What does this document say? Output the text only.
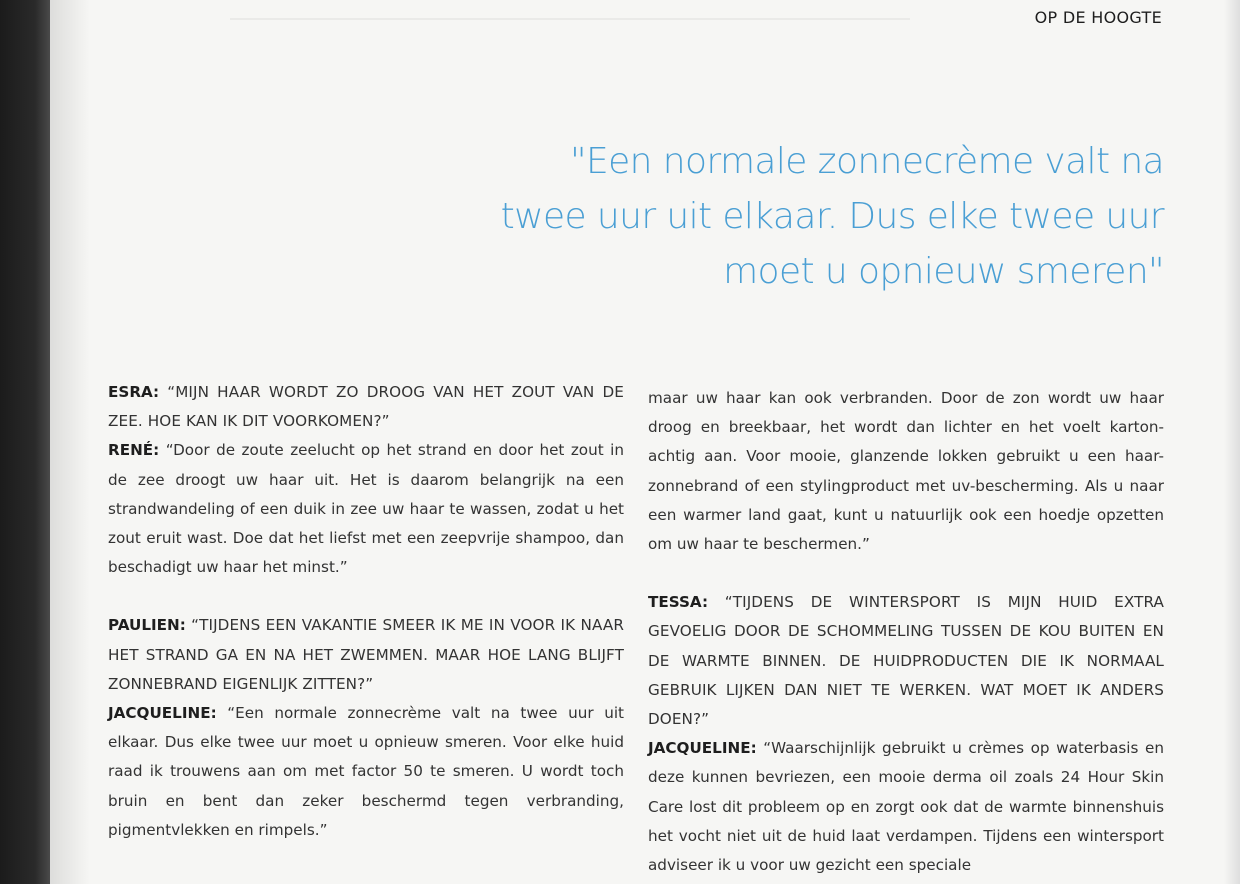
OP DE HOOGTE
"Een normale zonnecrème valt na
twee uur uit elkaar. Dus elke twee uur
moet u opnieuw smeren"

ESRA: “MIJN HAAR WORDT ZO DROOG VAN HET ZOUT VAN DE ZEE. HOE KAN IK DIT VOORKOMEN?”

RENÉ: “Door de zoute zeelucht op het strand en door het zout in de zee droogt uw haar uit. Het is daarom belangrijk na een strandwandeling of een duik in zee uw haar te wassen, zodat u het zout eruit wast. Doe dat het liefst met een zeepvrije shampoo, dan beschadigt uw haar het minst.”

PAULIEN: “TIJDENS EEN VAKANTIE SMEER IK ME IN VOOR IK NAAR HET STRAND GA EN NA HET ZWEMMEN. MAAR HOE LANG BLIJFT ZONNEBRAND EIGENLIJK ZITTEN?”

JACQUELINE: “Een normale zonnecrème valt na twee uur uit elkaar. Dus elke twee uur moet u opnieuw smeren. Voor elke huid raad ik trouwens aan om met factor 50 te smeren. U wordt toch bruin en bent dan zeker beschermd tegen verbranding, pigmentvlekken en rimpels.”

maar uw haar kan ook verbranden. Door de zon wordt uw haar droog en breekbaar, het wordt dan lichter en het voelt karton-achtig aan. Voor mooie, glanzende lokken gebruikt u een haar-zonnebrand of een stylingproduct met uv-bescherming. Als u naar een warmer land gaat, kunt u natuurlijk ook een hoedje opzetten om uw haar te beschermen.”

TESSA: “TIJDENS DE WINTERSPORT IS MIJN HUID EXTRA GEVOELIG DOOR DE SCHOMMELING TUSSEN DE KOU BUITEN EN DE WARMTE BINNEN. DE HUIDPRODUCTEN DIE IK NORMAAL GEBRUIK LIJKEN DAN NIET TE WERKEN. WAT MOET IK ANDERS DOEN?”

JACQUELINE: “Waarschijnlijk gebruikt u crèmes op waterbasis en deze kunnen bevriezen, een mooie derma oil zoals 24 Hour Skin Care lost dit probleem op en zorgt ook dat de warmte binnenshuis het vocht niet uit de huid laat verdampen. Tijdens een wintersport adviseer ik u voor uw gezicht een speciale
